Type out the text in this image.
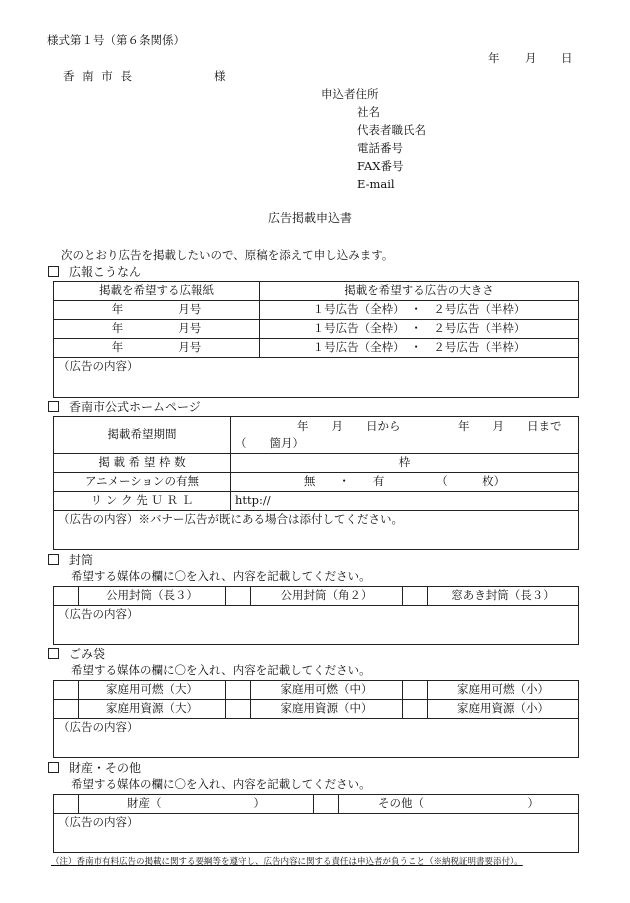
様式第１号（第６条関係）
年 月 日
香 南 市 長	様
申込者住所
社名
代表者職氏名
電話番号
FAX番号
E-mail
広告掲載申込書
次のとおり広告を掲載したいので、原稿を添えて申し込みます。
広報こうなん
掲載を希望する広報紙	掲載を希望する広告の大きさ
年 月号	１号広告（全枠）　・　２号広告（半枠）
年 月号	１号広告（全枠）　・　２号広告（半枠）
年 月号	１号広告（全枠）　・　２号広告（半枠）
（広告の内容）	
香南市公式ホームページ
掲載希望期間	年　　月　　日から　　　　　年　　月　　日まで
（　　箇月）

掲 載 希 望 枠 数	枠
アニメーションの有無	無　　・　　有　　　　　（　　　枚）
リ ン ク 先 Ｕ Ｒ Ｌ	http://
（広告の内容）※バナー広告が既にある場合は添付してください。	
封筒
希望する媒体の欄に〇を入れ、内容を記載してください。
	公用封筒（長３）		公用封筒（角２）		窓あき封筒（長３）
（広告の内容）
ごみ袋
希望する媒体の欄に〇を入れ、内容を記載してください。
	家庭用可燃（大）		家庭用可燃（中）		家庭用可燃（小）
	家庭用資源（大）		家庭用資源（中）		家庭用資源（小）
（広告の内容）					
財産・その他
希望する媒体の欄に〇を入れ、内容を記載してください。
	財産（　　　　　　　　）		その他（　　　　　　　　　）
（広告の内容）
（注）香南市有料広告の掲載に関する要綱等を遵守し、広告内容に関する責任は申込者が負うこと（※納税証明書要添付）。
